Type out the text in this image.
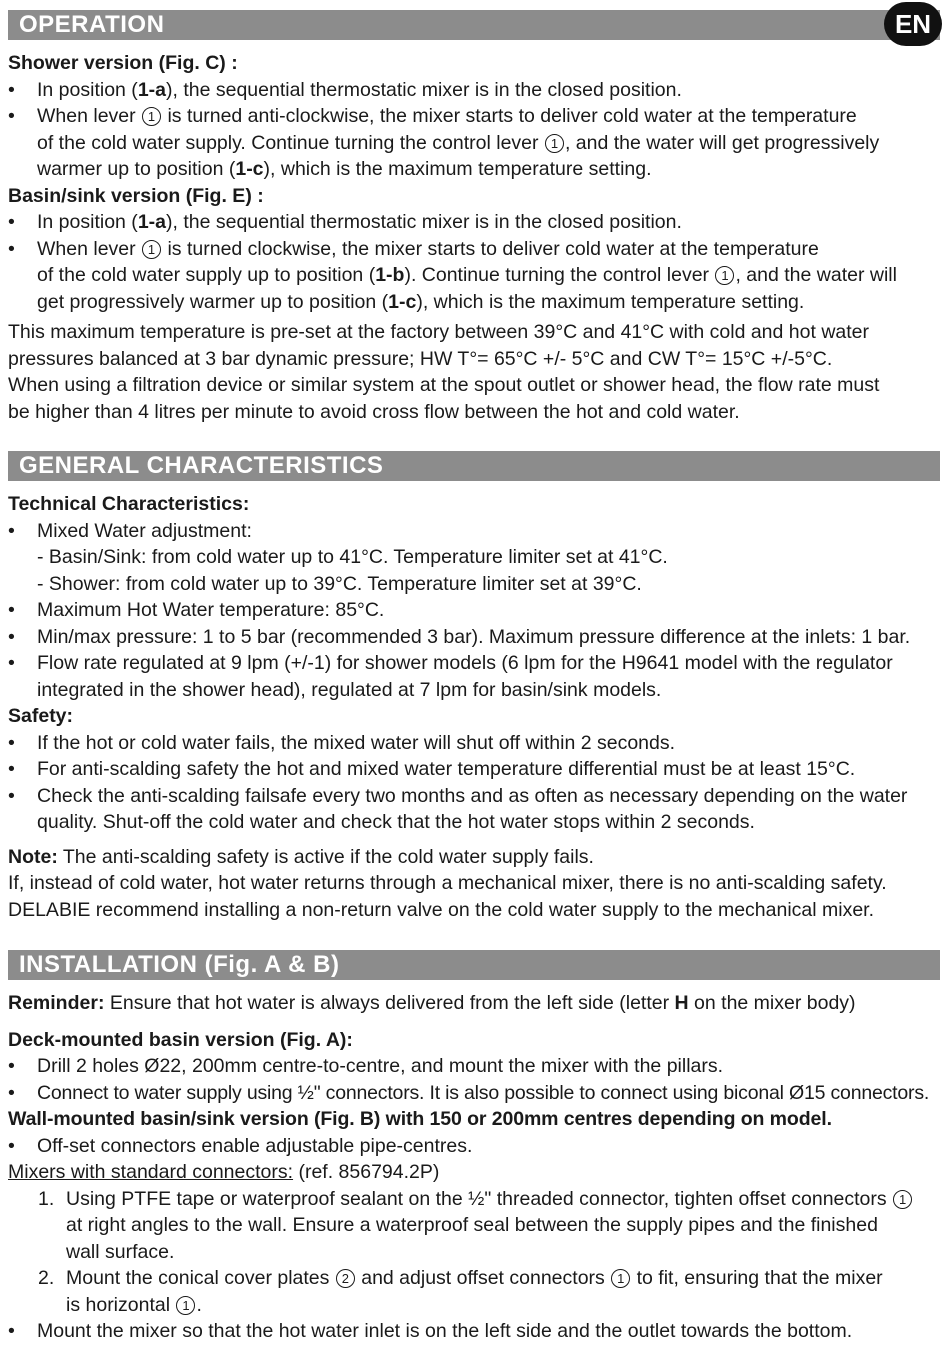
OPERATION	EN

Shower version (Fig. C) :

• In position (1-a), the sequential thermostatic mixer is in the closed position.

• When lever 1 is turned anti-clockwise, the mixer starts to deliver cold water at the temperature

of the cold water supply. Continue turning the control lever 1 , and the water will get progressively

warmer up to position (1-c), which is the maximum temperature setting.

Basin/sink version (Fig. E) :

• In position (1-a), the sequential thermostatic mixer is in the closed position.

• When lever 1 is turned clockwise, the mixer starts to deliver cold water at the temperature

of the cold water supply up to position (1-b). Continue turning the control lever 1 , and the water will

get progressively warmer up to position (1-c), which is the maximum temperature setting.

This maximum temperature is pre-set at the factory between 39°C and 41°C with cold and hot water

pressures balanced at 3 bar dynamic pressure; HW T°= 65°C +/- 5°C and CW T°= 15°C +/-5°C.

When using a filtration device or similar system at the spout outlet or shower head, the flow rate must

be higher than 4 litres per minute to avoid cross flow between the hot and cold water.

GENERAL CHARACTERISTICS

Technical Characteristics:

• Mixed Water adjustment:

- Basin/Sink: from cold water up to 41°C. Temperature limiter set at 41°C.

- Shower: from cold water up to 39°C. Temperature limiter set at 39°C.

• Maximum Hot Water temperature: 85°C.

• Min/max pressure: 1 to 5 bar (recommended 3 bar). Maximum pressure difference at the inlets: 1 bar.

• Flow rate regulated at 9 lpm (+/-1) for shower models (6 lpm for the H9641 model with the regulator

integrated in the shower head), regulated at 7 lpm for basin/sink models.

Safety:

• If the hot or cold water fails, the mixed water will shut off within 2 seconds.

• For anti-scalding safety the hot and mixed water temperature differential must be at least 15°C.

• Check the anti-scalding failsafe every two months and as often as necessary depending on the water

quality. Shut-off the cold water and check that the hot water stops within 2 seconds.

Note: The anti-scalding safety is active if the cold water supply fails.

If, instead of cold water, hot water returns through a mechanical mixer, there is no anti-scalding safety.

DELABIE recommend installing a non-return valve on the cold water supply to the mechanical mixer.

INSTALLATION (Fig. A & B)

Reminder: Ensure that hot water is always delivered from the left side (letter H on the mixer body)

Deck-mounted basin version (Fig. A):

• Drill 2 holes Ø22, 200mm centre-to-centre, and mount the mixer with the pillars.

• Connect to water supply using ½" connectors. It is also possible to connect using biconal Ø15 connectors.

Wall-mounted basin/sink version (Fig. B) with 150 or 200mm centres depending on model.

• Off-set connectors enable adjustable pipe-centres.

Mixers with standard connectors: (ref. 856794.2P)

1. Using PTFE tape or waterproof sealant on the ½" threaded connector, tighten offset connectors 1

at right angles to the wall. Ensure a waterproof seal between the supply pipes and the finished

wall surface.

2. Mount the conical cover plates 2 and adjust offset connectors 1 to fit, ensuring that the mixer

is horizontal 1 .

• Mount the mixer so that the hot water inlet is on the left side and the outlet towards the bottom.
